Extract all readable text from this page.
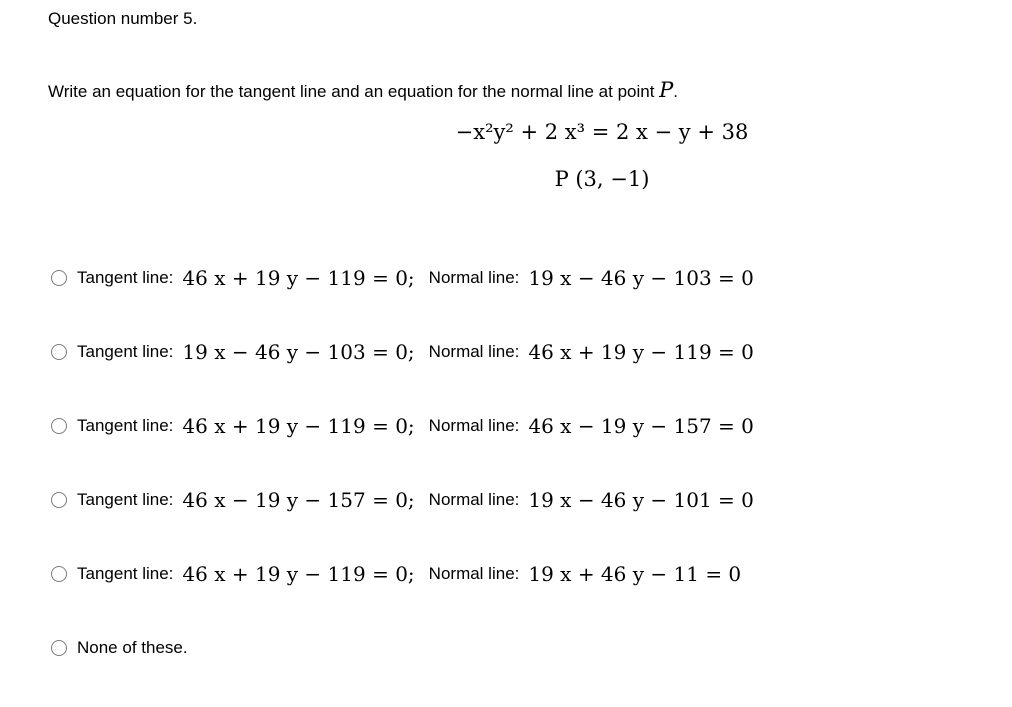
Question number 5.
Write an equation for the tangent line and an equation for the normal line at point P.
−x²y² + 2 x³ = 2 x − y + 38
P (3, −1)
Tangent line: 46 x + 19 y − 119 = 0 ; Normal line: 19 x − 46 y − 103 = 0
Tangent line: 19 x − 46 y − 103 = 0 ; Normal line: 46 x + 19 y − 119 = 0
Tangent line: 46 x + 19 y − 119 = 0 ; Normal line: 46 x − 19 y − 157 = 0
Tangent line: 46 x − 19 y − 157 = 0 ; Normal line: 19 x − 46 y − 101 = 0
Tangent line: 46 x + 19 y − 119 = 0 ; Normal line: 19 x + 46 y − 11 = 0
None of these.
